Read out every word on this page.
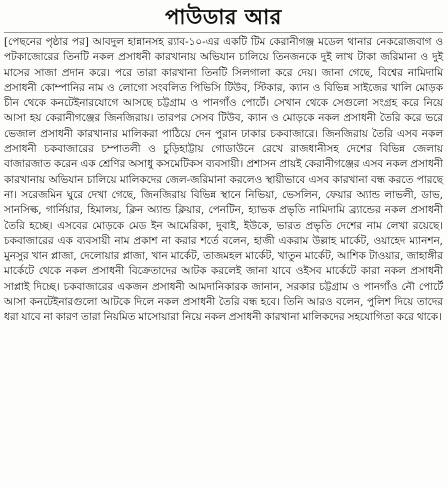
পাউডার আর

[পেছনের পৃষ্ঠার পর] আবদুল হান্নানসহ র‍্যাব-১০-এর একটি টিম কেরানীগঞ্জ মডেল থানার নেকরোজবাগ ও পটকাজোরের তিনটি নকল প্রসাধনী কারখানায় অভিযান চালিয়ে তিনজনকে দুই লাখ টাকা জরিমানা ও দুই মাসের সাজা প্রদান করে। পরে তারা কারখানা তিনটি সিলগালা করে দেয়। জানা গেছে, বিশ্বের নামিদামি প্রসাধনী কোম্পানির নাম ও লোগো সংবলিত পিভিসি টিউব, স্টিকার, ক্যান ও বিভিন্ন সাইজের খালি মোড়ক চীন থেকে কনটেইনারযোগে আসছে চট্টগ্রাম ও পানগাঁও পোর্টে। সেখান থেকে সেগুলো সংগ্রহ করে নিয়ে আসা হয় কেরানীগঞ্জের জিনজিরায়। তারপর সেসব টিউব, ক্যান ও মোড়কে নকল প্রসাধনী তৈরি করে ভরে ভেজাল প্রসাধনী কারখানার মালিকরা পাঠিয়ে দেন পুরান ঢাকার চকবাজারে। জিনজিরায় তৈরি এসব নকল প্রসাধনী চকবাজারের চম্পাতলী ও চুড়িহাট্টায় গোডাউনে রেখে রাজধানীসহ দেশের বিভিন্ন জেলায় বাজারজাত করেন এক শ্রেণির অসাধু কসমেটিকস ব্যবসায়ী। প্রশাসন প্রায়ই কেরানীগঞ্জের এসব নকল প্রসাধনী কারখানায় অভিযান চালিয়ে মালিকদের জেল-জরিমানা করলেও স্থায়ীভাবে এসব কারখানা বন্ধ করতে পারছে না। সরেজমিন ঘুরে দেখা গেছে, জিনজিরায় বিভিন্ন স্থানে নিভিয়া, ভেসলিন, ফেয়ার অ্যান্ড লাভলী, ডাভ, সানসিল্ক, গার্নিয়ার, হিমালয়, ক্লিন অ্যান্ড ক্লিয়ার, পেনটিন, হ্যাভক প্রভৃতি নামিদামি ব্র্যান্ডের নকল প্রসাধনী তৈরি হচ্ছে। এসবের মোড়কে মেড ইন আমেরিকা, দুবাই, ইউকে, ভারত প্রভৃতি দেশের নাম লেখা রয়েছে। চকবাজারের এক ব্যবসায়ী নাম প্রকাশ না করার শর্তে বলেন, হাজী একরাম উল্লাহ মার্কেট, ওয়াহেদ ম্যানশন, মুনসুর খান প্লাজা, দেলোয়ার প্লাজা, খান মার্কেট, তাজমহল মার্কেট, খাতুন মার্কেট, আশিক টাওয়ার, জাহাঙ্গীর মার্কেটে থেকে নকল প্রসাধনী বিক্রেতাদের আটক করলেই জানা যাবে ওইসব মার্কেটে কারা নকল প্রসাধনী সাপ্লাই দিচ্ছে। চকবাজারের একজন প্রসাধনী আমদানিকারক জানান, সরকার চট্টগ্রাম ও পানগাঁও নৌ পোর্টে আসা কনটেইনারগুলো আটকে দিলে নকল প্রসাধনী তৈরি বন্ধ হবে। তিনি আরও বলেন, পুলিশ দিয়ে তাদের ধরা যাবে না কারণ তারা নিয়মিত মাসোয়ারা নিয়ে নকল প্রসাধনী কারখানা মালিকদের সহযোগিতা করে থাকে।
